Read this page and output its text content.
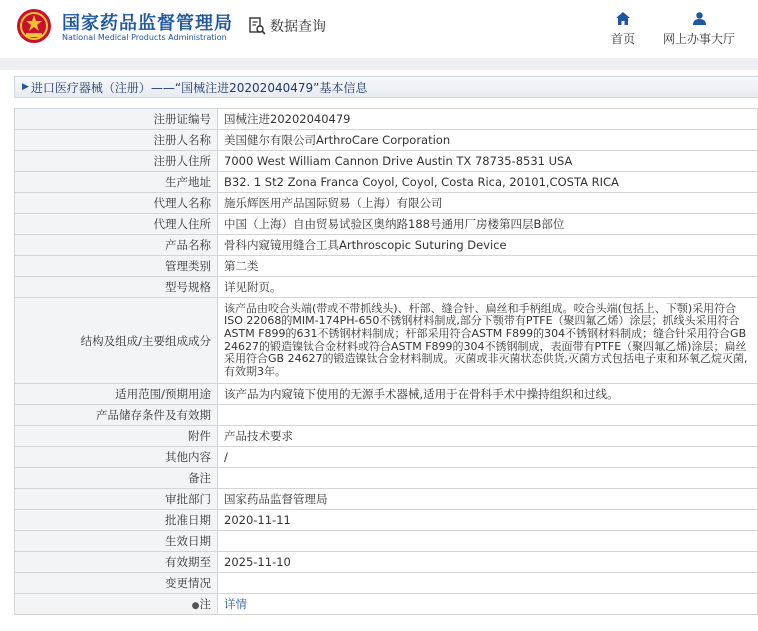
国家药品监督管理局
National Medical Products Administration
数据查询
首页 网上办事大厅
▶ 进口医疗器械（注册）——“国械注进20202040479”基本信息
注册证编号	国械注进20202040479
注册人名称	美国健尔有限公司ArthroCare Corporation
注册人住所	7000 West William Cannon Drive Austin TX 78735-8531 USA
生产地址	B32. 1 St2 Zona Franca Coyol, Coyol, Costa Rica, 20101,COSTA RICA
代理人名称	施乐辉医用产品国际贸易（上海）有限公司
代理人住所	中国（上海）自由贸易试验区奥纳路188号通用厂房楼第四层B部位
产品名称	骨科内窥镜用缝合工具Arthroscopic Suturing Device
管理类别	第二类
型号规格	详见附页。
结构及组成/主要组成成分	该产品由咬合头端(带或不带抓线头)、杆部、缝合针、扁丝和手柄组成。咬合头端(包括上、下颚)采用符合ISO 22068的MIM-174PH-650不锈钢材料制成,部分下颚带有PTFE（聚四氟乙烯）涂层；抓线头采用符合ASTM F899的631不锈钢材料制成；杆部采用符合ASTM F899的304不锈钢材料制成；缝合针采用符合GB 24627的锻造镍钛合金材料或符合ASTM F899的304不锈钢制成，表面带有PTFE（聚四氟乙烯)涂层；扁丝采用符合GB 24627的锻造镍钛合金材料制成。灭菌或非灭菌状态供货,灭菌方式包括电子束和环氧乙烷灭菌,有效期3年。
适用范围/预期用途	该产品为内窥镜下使用的无源手术器械,适用于在骨科手术中操持组织和过线。
产品储存条件及有效期	
附件	产品技术要求
其他内容	/
备注	
审批部门	国家药品监督管理局
批准日期	2020-11-11
生效日期	
有效期至	2025-11-10
变更情况	
●注	详情
